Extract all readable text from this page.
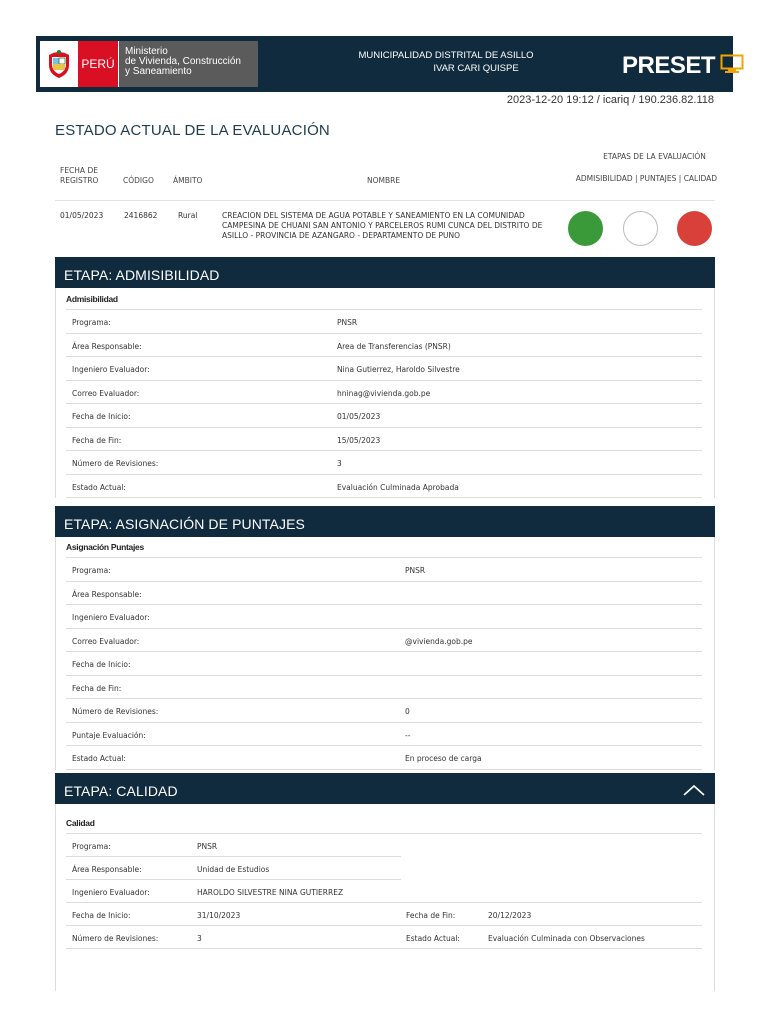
PERÚ
Ministerio
de Vivienda, Construcción
y Saneamiento
MUNICIPALIDAD DISTRITAL DE ASILLO
IVAR CARI QUISPE	PRESET
2023-12-20 19:12 / icariq / 190.236.82.118
ESTADO ACTUAL DE LA EVALUACIÓN
FECHA DE
REGISTRO	CÓDIGO	ÁMBITO	NOMBRE
ETAPAS DE LA EVALUACIÓN
ADMISIBILIDAD | PUNTAJES | CALIDAD
01/05/2023	2416862	Rural	CREACION DEL SISTEMA DE AGUA POTABLE Y SANEAMIENTO EN LA COMUNIDAD CAMPESINA DE CHUANI SAN ANTONIO Y PARCELEROS RUMI CUNCA DEL DISTRITO DE ASILLO - PROVINCIA DE AZANGARO - DEPARTAMENTO DE PUNO
ETAPA: ADMISIBILIDAD
Admisibilidad
Programa:	PNSR
Área Responsable:	Area de Transferencias (PNSR)
Ingeniero Evaluador:	Nina Gutierrez, Haroldo Silvestre
Correo Evaluador:	hninag@vivienda.gob.pe
Fecha de Inicio:	01/05/2023
Fecha de Fin:	15/05/2023
Número de Revisiones:	3
Estado Actual:	Evaluación Culminada Aprobada
ETAPA: ASIGNACIÓN DE PUNTAJES
Asignación Puntajes
Programa:	PNSR
Área Responsable:
Ingeniero Evaluador:
Correo Evaluador:	@vivienda.gob.pe
Fecha de Inicio:
Fecha de Fin:
Número de Revisiones:	0
Puntaje Evaluación:	--
Estado Actual:	En proceso de carga
ETAPA: CALIDAD
Calidad
Programa:	PNSR
Área Responsable:	Unidad de Estudios
Ingeniero Evaluador:	HAROLDO SILVESTRE NINA GUTIERREZ
Fecha de Inicio:	31/10/2023	Fecha de Fin:	20/12/2023
Número de Revisiones:	3	Estado Actual:	Evaluación Culminada con Observaciones
